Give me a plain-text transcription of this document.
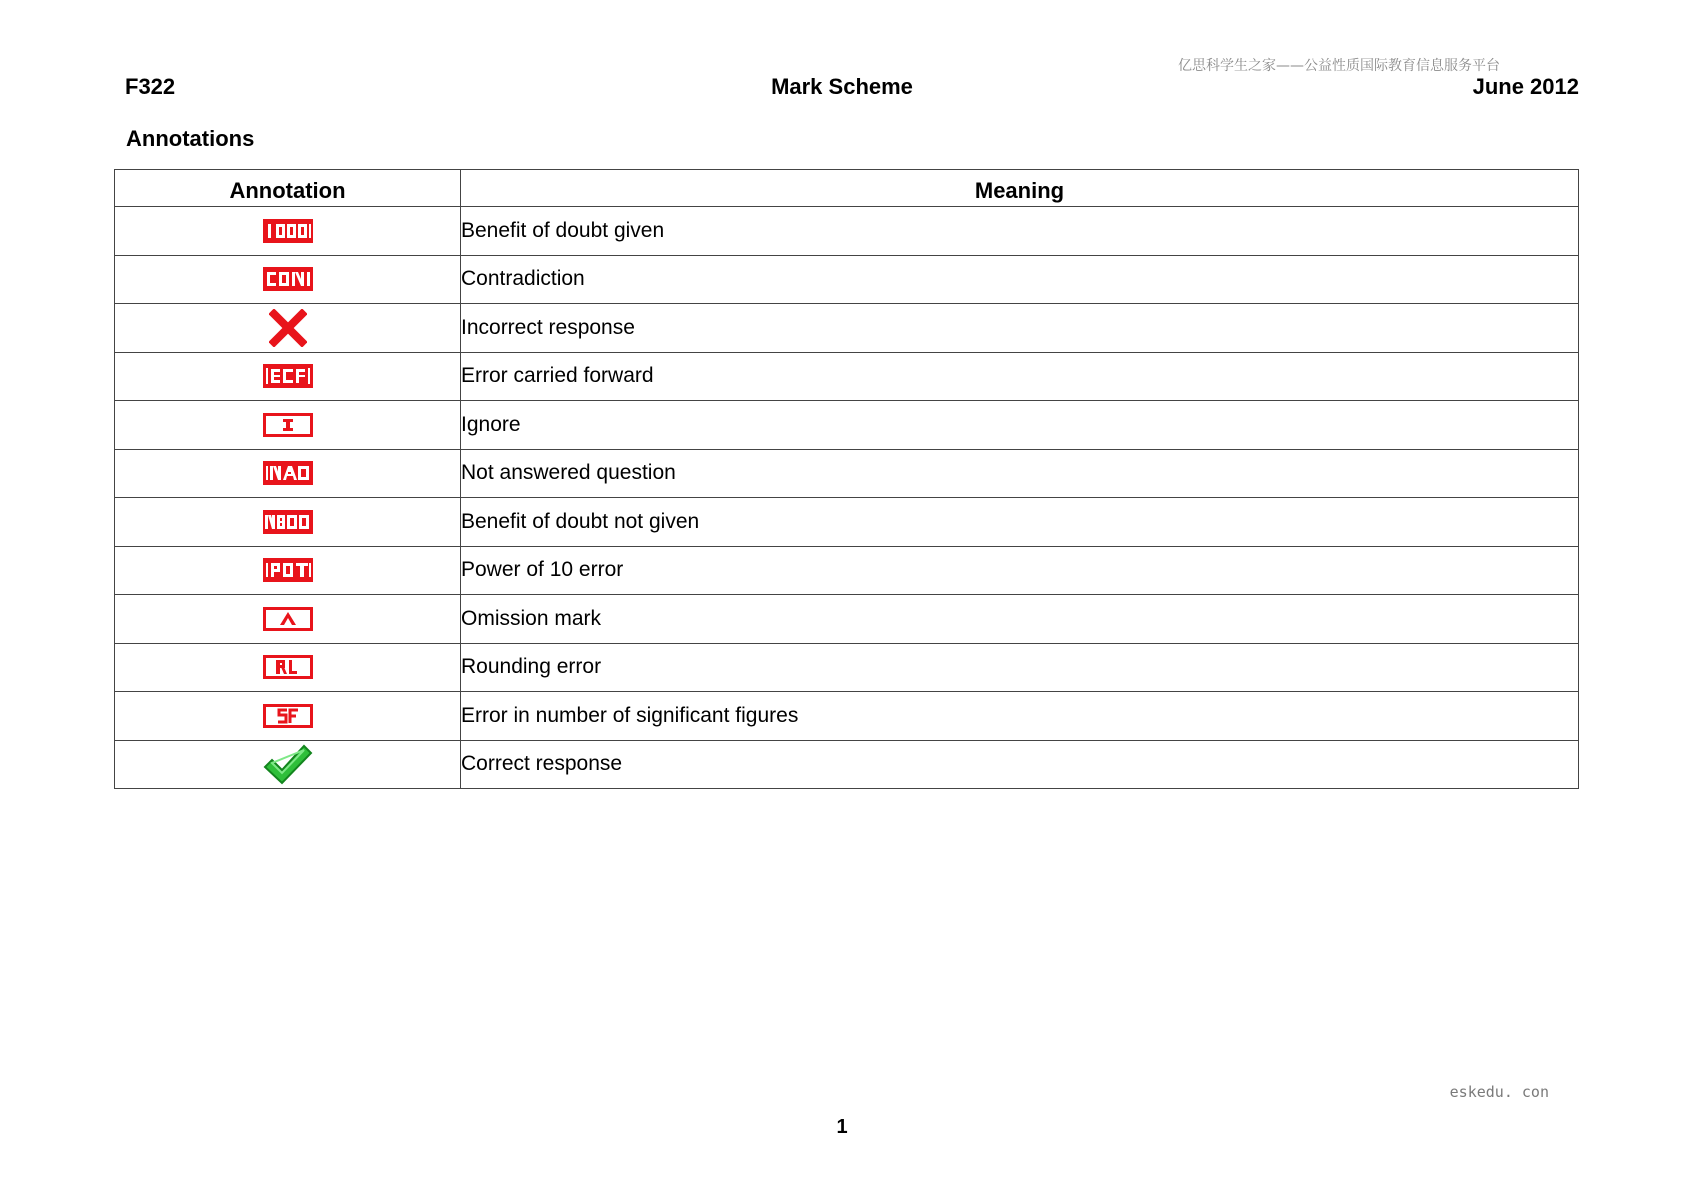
亿思科学生之家——公益性质国际教育信息服务平台
F322	Mark Scheme	June 2012
Annotations
Annotation	Meaning
	Benefit of doubt given
	Contradiction
	Incorrect response
	Error carried forward
	Ignore
	Not answered question
	Benefit of doubt not given
	Power of 10 error
	Omission mark
	Rounding error
	Error in number of significant figures
	Correct response
eskedu. con
1
